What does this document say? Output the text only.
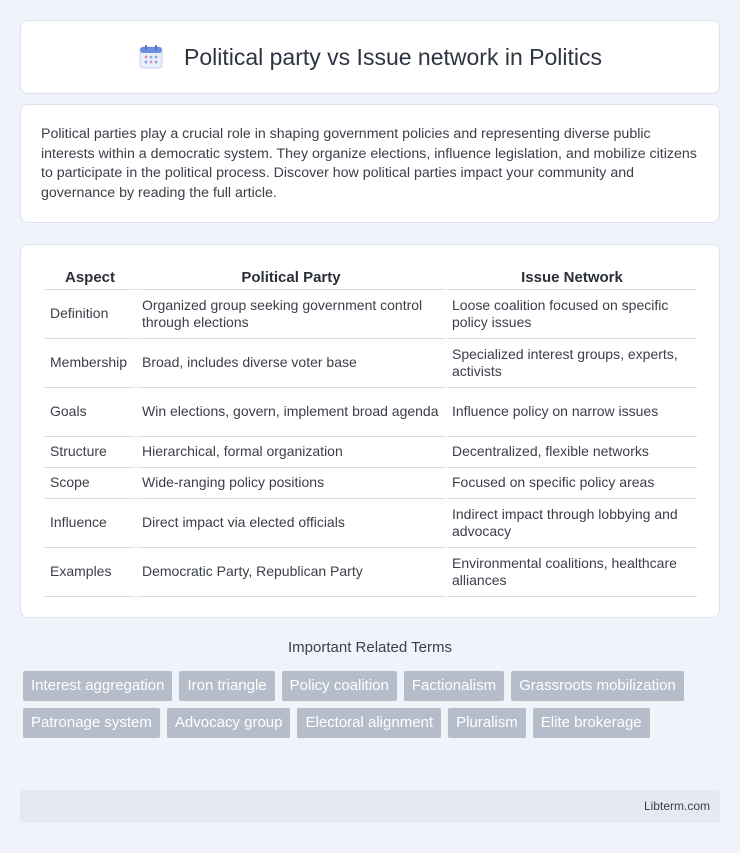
Political party vs Issue network in Politics

Political parties play a crucial role in shaping government policies and representing diverse public interests within a democratic system. They organize elections, influence legislation, and mobilize citizens to participate in the political process. Discover how political parties impact your community and governance by reading the full article.

Aspect	Political Party	Issue Network
Definition	Organized group seeking government control through elections	Loose coalition focused on specific policy issues
Membership	Broad, includes diverse voter base	Specialized interest groups, experts, activists
Goals	Win elections, govern, implement broad agenda	Influence policy on narrow issues
Structure	Hierarchical, formal organization	Decentralized, flexible networks
Scope	Wide-ranging policy positions	Focused on specific policy areas
Influence	Direct impact via elected officials	Indirect impact through lobbying and advocacy
Examples	Democratic Party, Republican Party	Environmental coalitions, healthcare alliances
Important Related Terms
Interest aggregation	Iron triangle	Policy coalition	Factionalism	Grassroots mobilization
Patronage system	Advocacy group	Electoral alignment	Pluralism	Elite brokerage
Libterm.com
